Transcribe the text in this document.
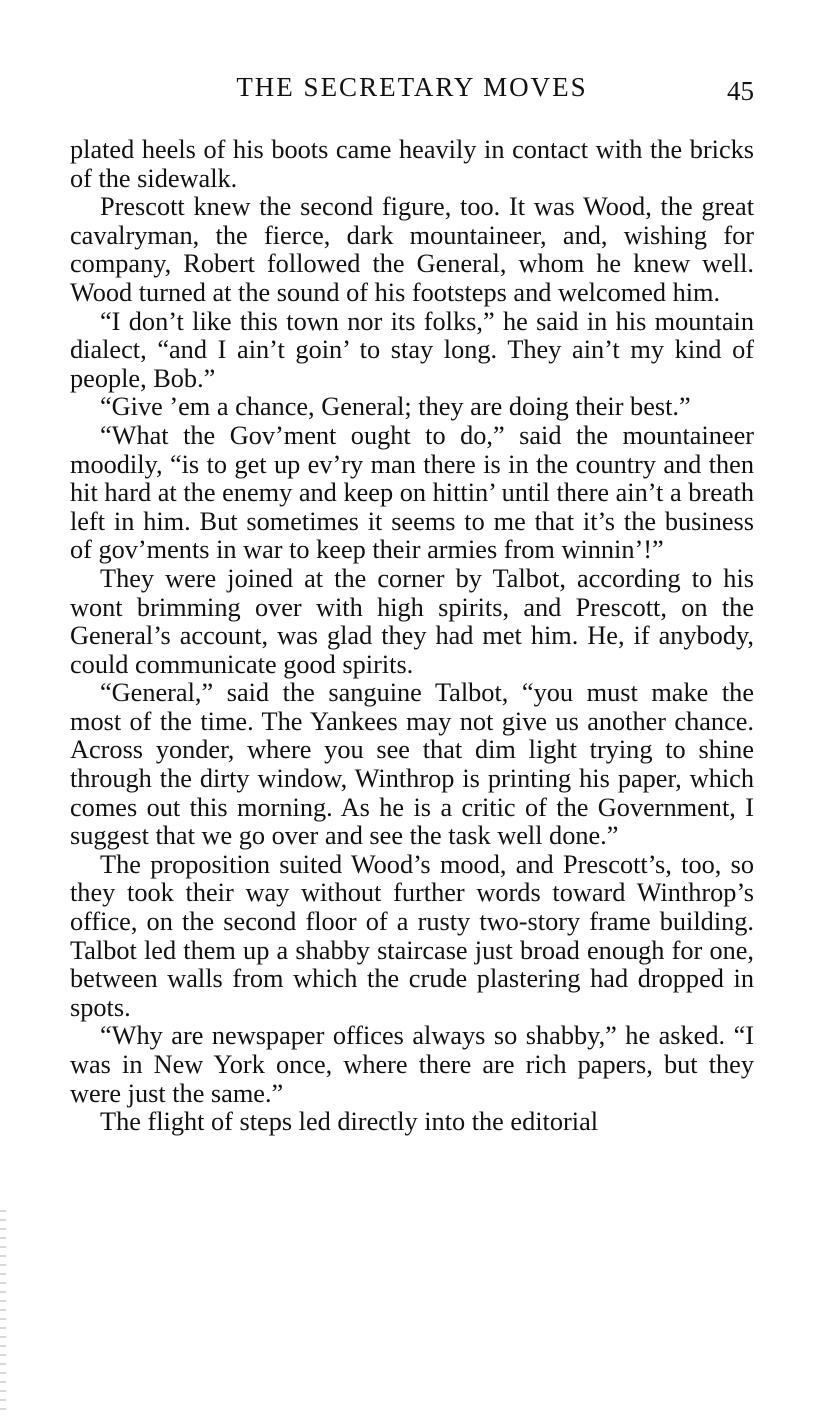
THE SECRETARY MOVES	45

plated heels of his boots came heavily in contact with the bricks of the sidewalk.

Prescott knew the second figure, too. It was Wood, the great cavalryman, the fierce, dark mountaineer, and, wishing for company, Robert followed the General, whom he knew well. Wood turned at the sound of his footsteps and welcomed him.

“I don’t like this town nor its folks,” he said in his mountain dialect, “and I ain’t goin’ to stay long. They ain’t my kind of people, Bob.”

“Give ’em a chance, General; they are doing their best.”

“What the Gov’ment ought to do,” said the mountaineer moodily, “is to get up ev’ry man there is in the country and then hit hard at the enemy and keep on hittin’ until there ain’t a breath left in him. But sometimes it seems to me that it’s the business of gov’ments in war to keep their armies from winnin’!”

They were joined at the corner by Talbot, according to his wont brimming over with high spirits, and Prescott, on the General’s account, was glad they had met him. He, if anybody, could communicate good spirits.

“General,” said the sanguine Talbot, “you must make the most of the time. The Yankees may not give us another chance. Across yonder, where you see that dim light trying to shine through the dirty window, Winthrop is printing his paper, which comes out this morning. As he is a critic of the Government, I suggest that we go over and see the task well done.”

The proposition suited Wood’s mood, and Prescott’s, too, so they took their way without further words toward Winthrop’s office, on the second floor of a rusty two-story frame building. Talbot led them up a shabby staircase just broad enough for one, between walls from which the crude plastering had dropped in spots.

“Why are newspaper offices always so shabby,” he asked. “I was in New York once, where there are rich papers, but they were just the same.”

The flight of steps led directly into the editorial
